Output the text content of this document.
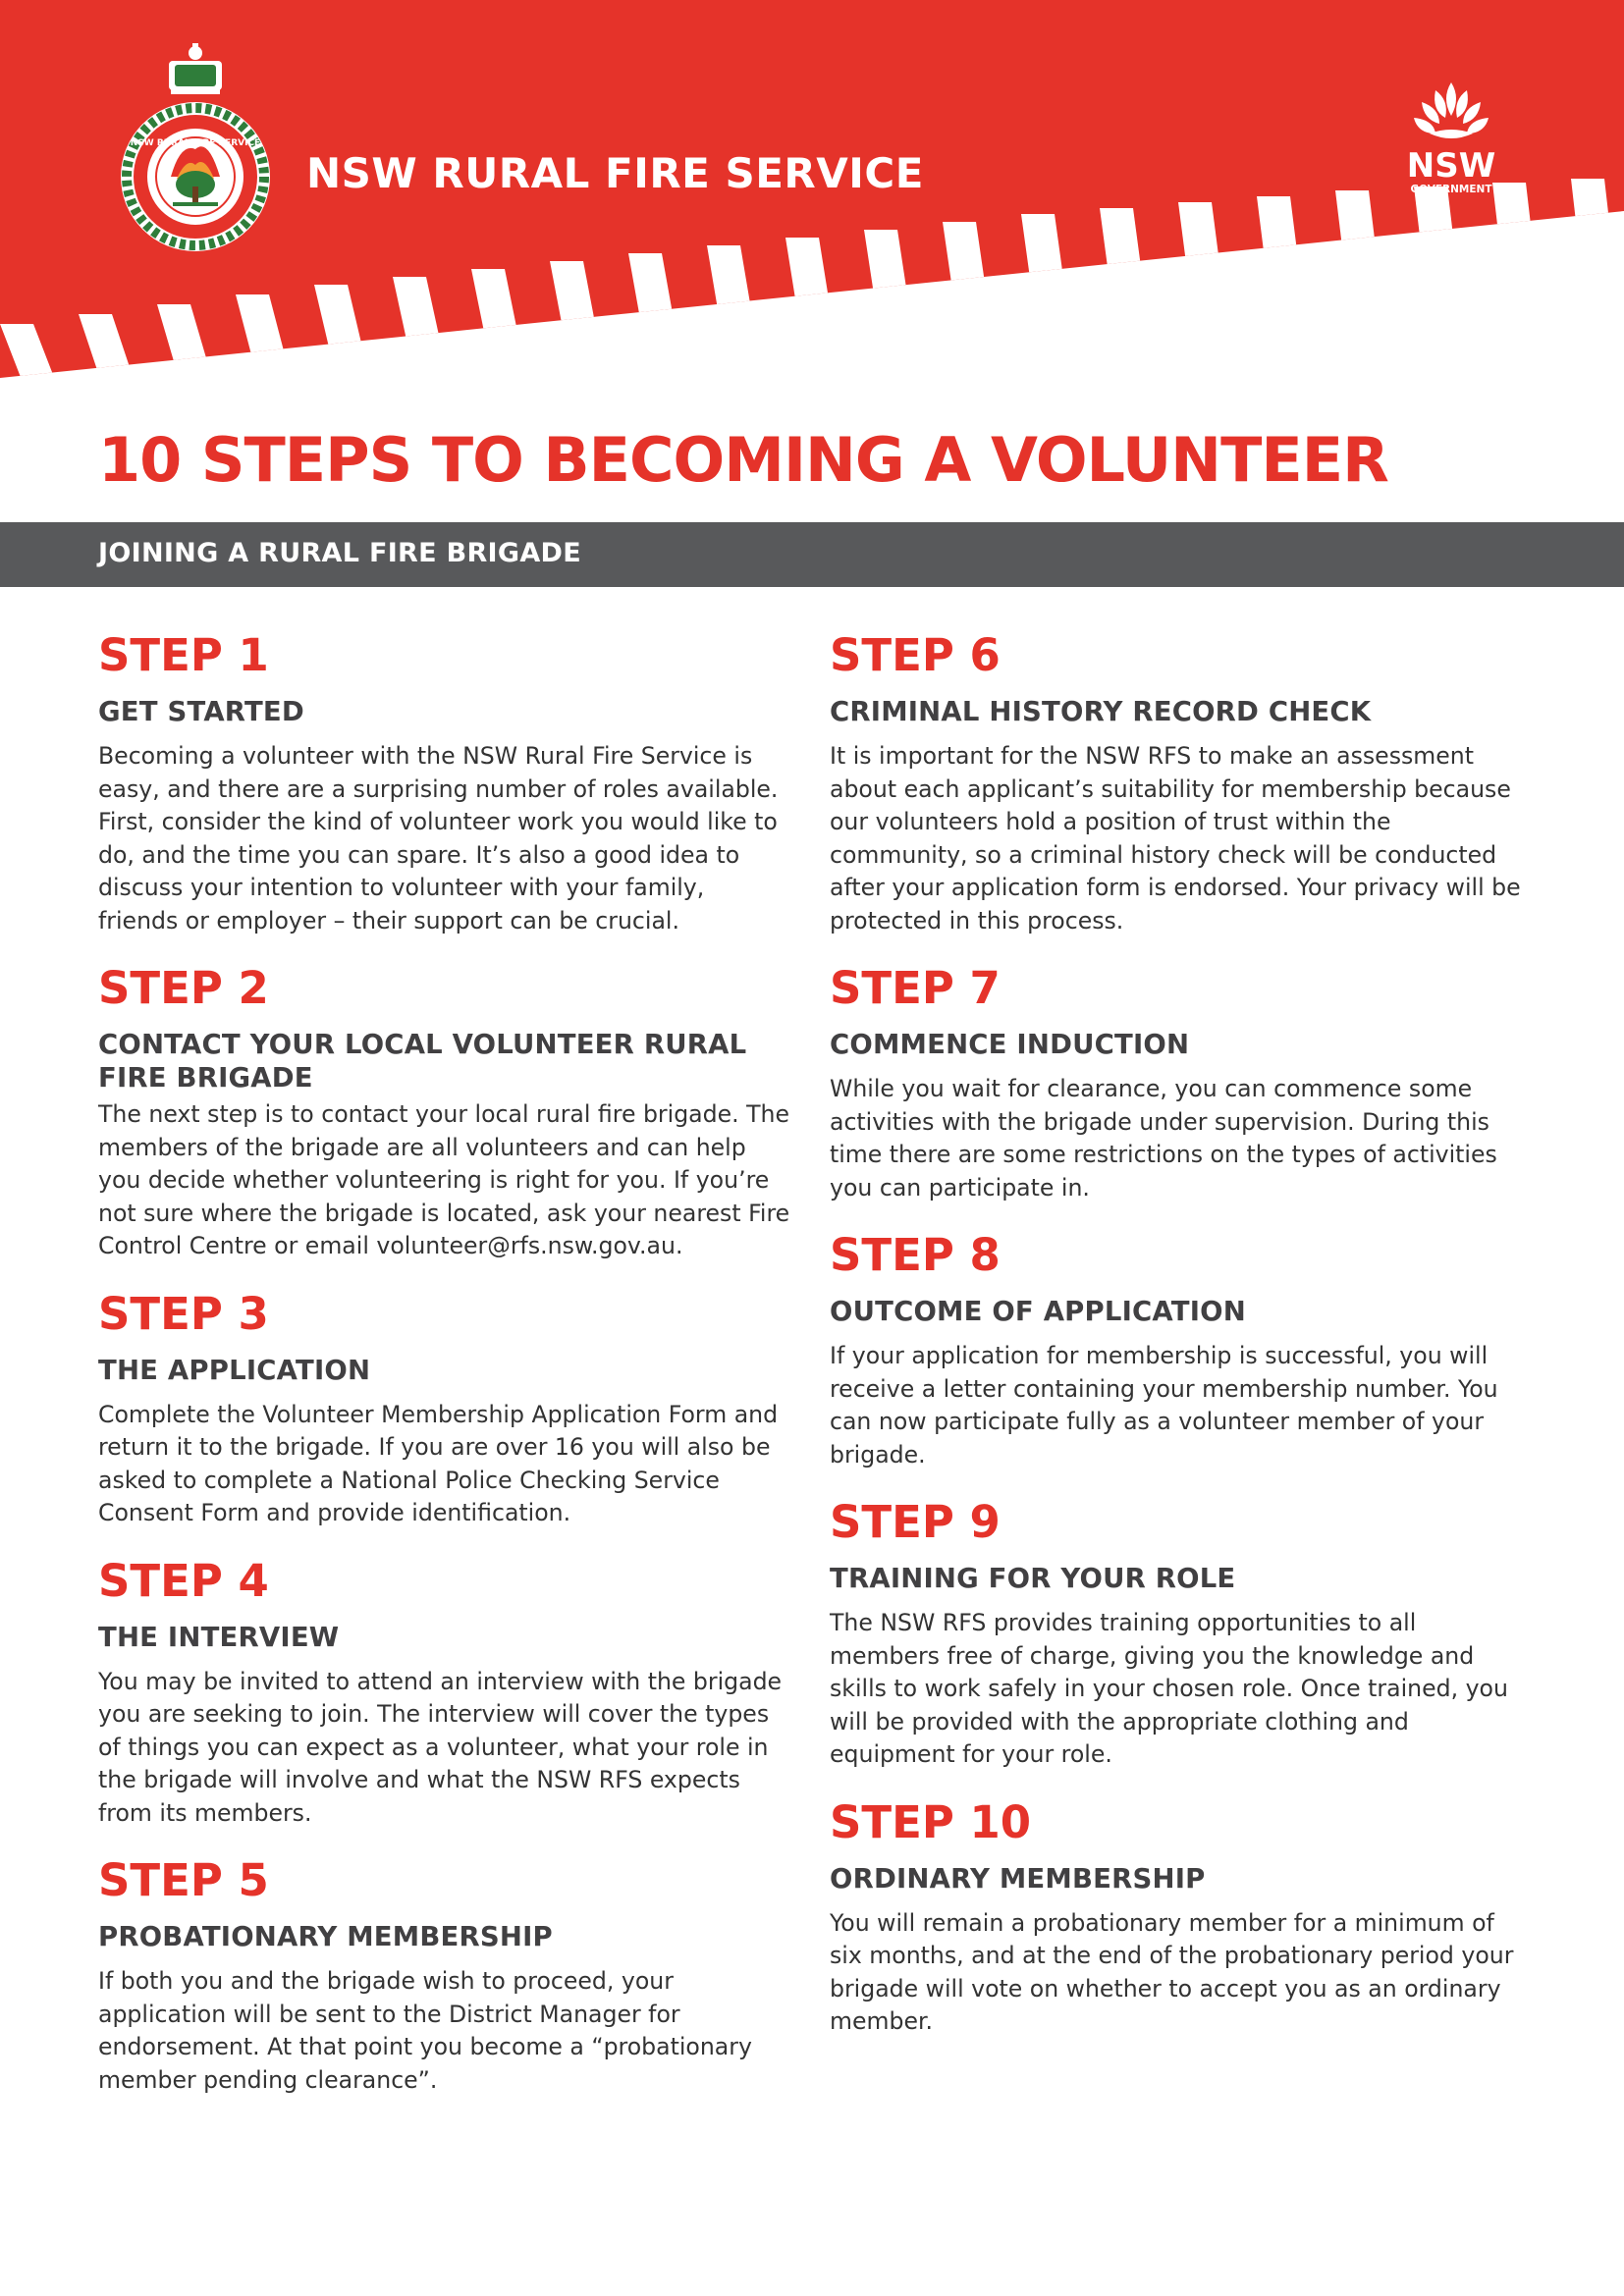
NSW RURAL FIRE SERVICE
NSW RURAL FIRE SERVICE	NSW
GOVERNMENT
10 STEPS TO BECOMING A VOLUNTEER

JOINING A RURAL FIRE BRIGADE

STEP 1
GET STARTED

Becoming a volunteer with the NSW Rural Fire Service is easy, and there are a surprising number of roles available. First, consider the kind of volunteer work you would like to do, and the time you can spare. It’s also a good idea to discuss your intention to volunteer with your family, friends or employer – their support can be crucial.

STEP 2
CONTACT YOUR LOCAL VOLUNTEER RURAL FIRE BRIGADE

The next step is to contact your local rural fire brigade. The members of the brigade are all volunteers and can help you decide whether volunteering is right for you. If you’re not sure where the brigade is located, ask your nearest Fire Control Centre or email volunteer@rfs.nsw.gov.au.

STEP 3
THE APPLICATION

Complete the Volunteer Membership Application Form and return it to the brigade. If you are over 16 you will also be asked to complete a National Police Checking Service Consent Form and provide identification.

STEP 4
THE INTERVIEW

You may be invited to attend an interview with the brigade you are seeking to join. The interview will cover the types of things you can expect as a volunteer, what your role in the brigade will involve and what the NSW RFS expects from its members.

STEP 5
PROBATIONARY MEMBERSHIP

If both you and the brigade wish to proceed, your application will be sent to the District Manager for endorsement. At that point you become a “probationary member pending clearance”.

STEP 6
CRIMINAL HISTORY RECORD CHECK

It is important for the NSW RFS to make an assessment about each applicant’s suitability for membership because our volunteers hold a position of trust within the community, so a criminal history check will be conducted after your application form is endorsed. Your privacy will be protected in this process.

STEP 7
COMMENCE INDUCTION

While you wait for clearance, you can commence some activities with the brigade under supervision. During this time there are some restrictions on the types of activities you can participate in.

STEP 8
OUTCOME OF APPLICATION

If your application for membership is successful, you will receive a letter containing your membership number. You can now participate fully as a volunteer member of your brigade.

STEP 9
TRAINING FOR YOUR ROLE

The NSW RFS provides training opportunities to all members free of charge, giving you the knowledge and skills to work safely in your chosen role. Once trained, you will be provided with the appropriate clothing and equipment for your role.

STEP 10
ORDINARY MEMBERSHIP

You will remain a probationary member for a minimum of six months, and at the end of the probationary period your brigade will vote on whether to accept you as an ordinary member.
